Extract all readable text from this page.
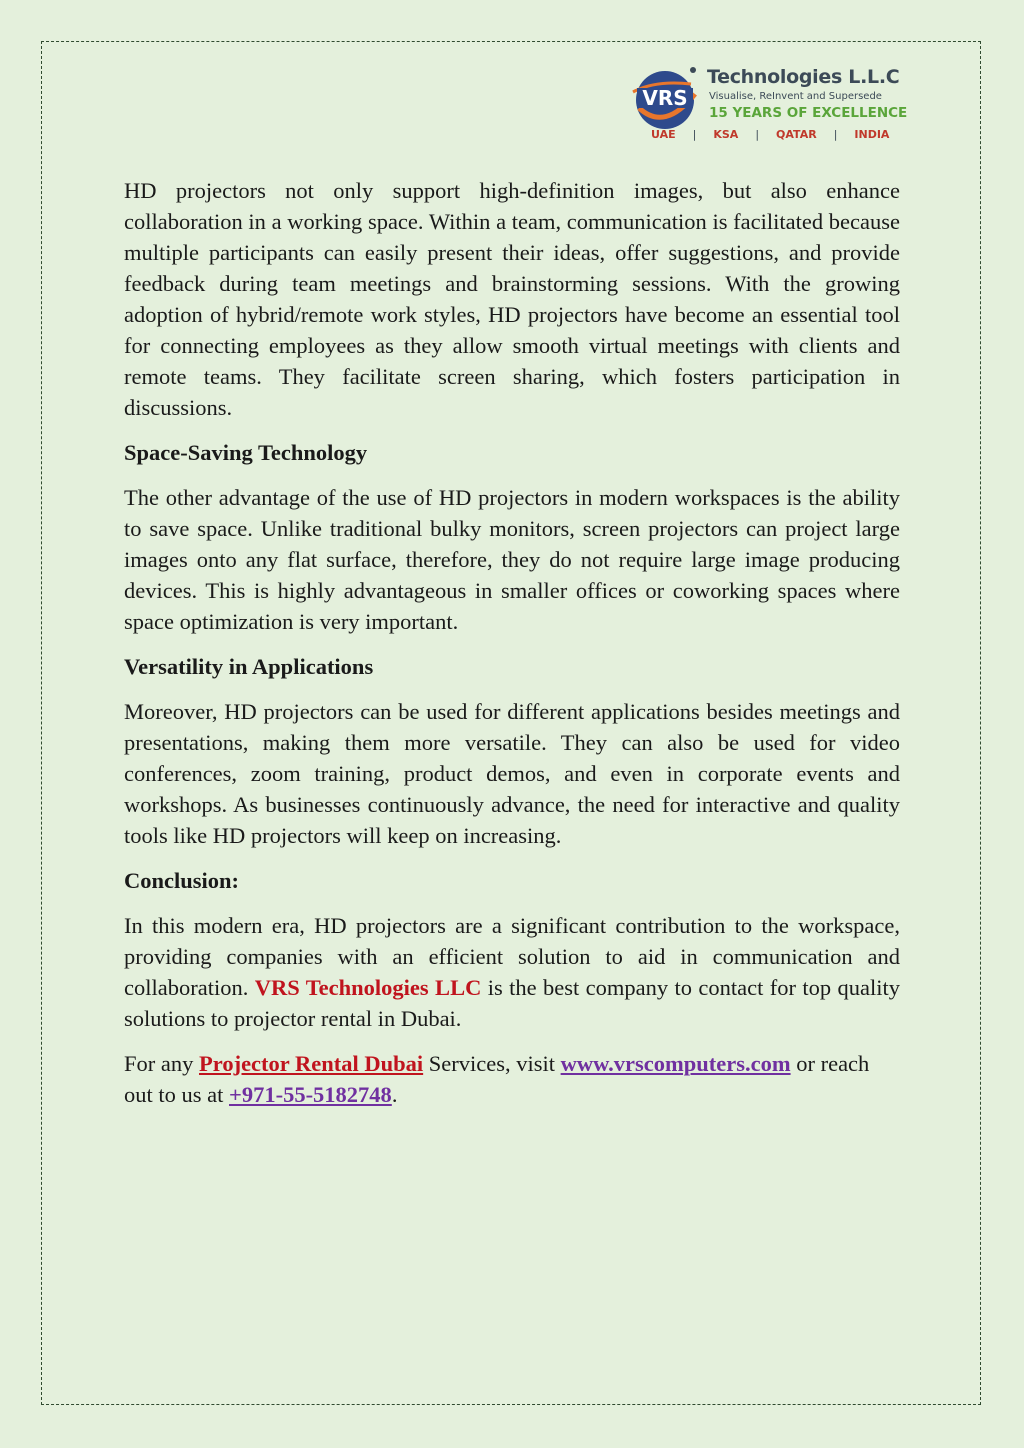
VRS
Technologies L.L.C
Visualise, ReInvent and Supersede
15 YEARS OF EXCELLENCE
UAE | KSA | QATAR | INDIA

HD projectors not only support high-definition images, but also enhance collaboration in a working space. Within a team, communication is facilitated because multiple participants can easily present their ideas, offer suggestions, and provide feedback during team meetings and brainstorming sessions. With the growing adoption of hybrid/remote work styles, HD projectors have become an essential tool for connecting employees as they allow smooth virtual meetings with clients and remote teams. They facilitate screen sharing, which fosters participation in discussions.

Space-Saving Technology

The other advantage of the use of HD projectors in modern workspaces is the ability to save space. Unlike traditional bulky monitors, screen projectors can project large images onto any flat surface, therefore, they do not require large image producing devices. This is highly advantageous in smaller offices or coworking spaces where space optimization is very important.

Versatility in Applications

Moreover, HD projectors can be used for different applications besides meetings and presentations, making them more versatile. They can also be used for video conferences, zoom training, product demos, and even in corporate events and workshops. As businesses continuously advance, the need for interactive and quality tools like HD projectors will keep on increasing.

Conclusion:

In this modern era, HD projectors are a significant contribution to the workspace, providing companies with an efficient solution to aid in communication and collaboration. VRS Technologies LLC is the best company to contact for top quality solutions to projector rental in Dubai.

For any Projector Rental Dubai Services, visit www.vrscomputers.com or reach out to us at +971-55-5182748.
